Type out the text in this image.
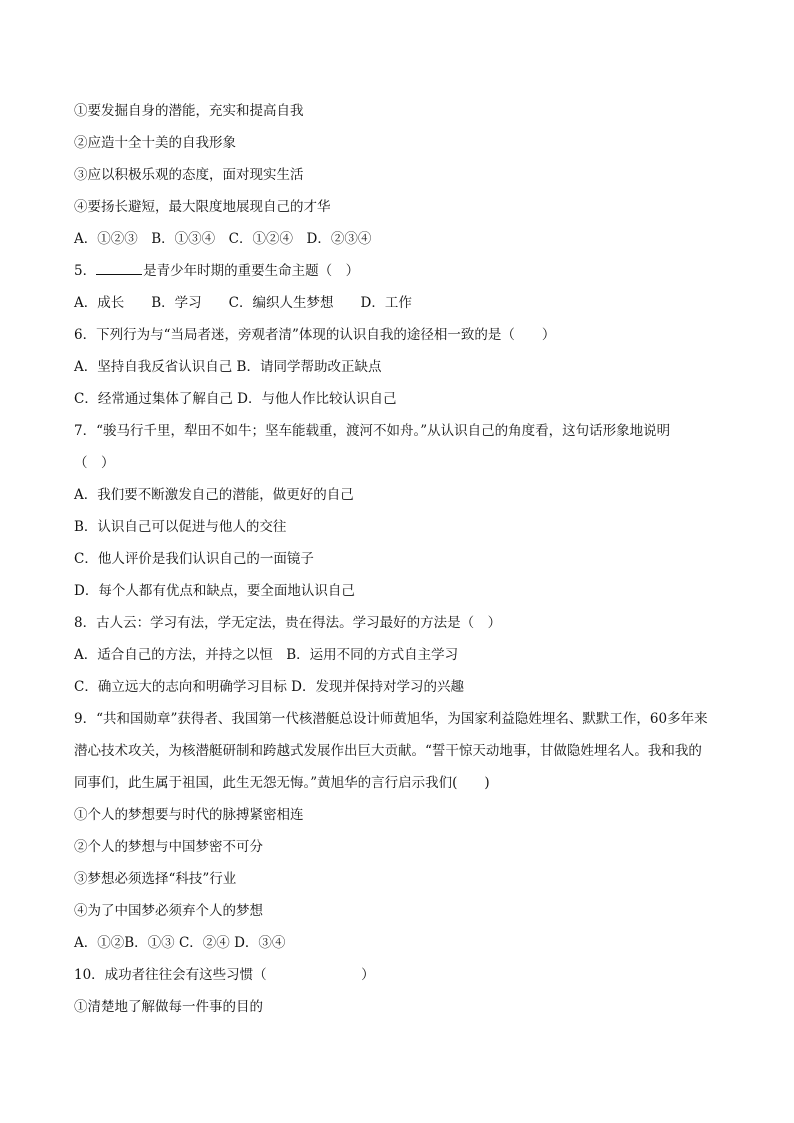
①要发掘自身的潜能，充实和提高自我
②应造十全十美的自我形象
③应以积极乐观的态度，面对现实生活
④要扬长避短，最大限度地展现自己的才华
A．①②③　B．①③④　C．①②④　D．②③④
5．	是青少年时期的重要生命主题（　）
A．成长　　B．学习　　C．编织人生梦想　　D．工作
6．下列行为与“当局者迷，旁观者清”体现的认识自我的途径相一致的是（　　）
A．坚持自我反省认识自己 B．请同学帮助改正缺点
C．经常通过集体了解自己 D．与他人作比较认识自己
7．“骏马行千里，犁田不如牛；坚车能载重，渡河不如舟。”从认识自己的角度看，这句话形象地说明
（　）
A．我们要不断激发自己的潜能，做更好的自己
B．认识自己可以促进与他人的交往
C．他人评价是我们认识自己的一面镜子
D．每个人都有优点和缺点，要全面地认识自己
8．古人云：学习有法，学无定法，贵在得法。学习最好的方法是（　）
A．适合自己的方法，并持之以恒　B．运用不同的方式自主学习
C．确立远大的志向和明确学习目标 D．发现并保持对学习的兴趣
9．“共和国勋章”获得者、我国第一代核潜艇总设计师黄旭华，为国家利益隐姓埋名、默默工作，60多年来
潜心技术攻关，为核潜艇研制和跨越式发展作出巨大贡献。“誓干惊天动地事，甘做隐姓埋名人。我和我的
同事们，此生属于祖国，此生无怨无悔。”黄旭华的言行启示我们(　　)
①个人的梦想要与时代的脉搏紧密相连
②个人的梦想与中国梦密不可分
③梦想必须选择“科技”行业
④为了中国梦必须弃个人的梦想
A．①②B．①③ C．②④ D．③④
10．成功者往往会有这些习惯（　　　　　　　）
①清楚地了解做每一件事的目的
